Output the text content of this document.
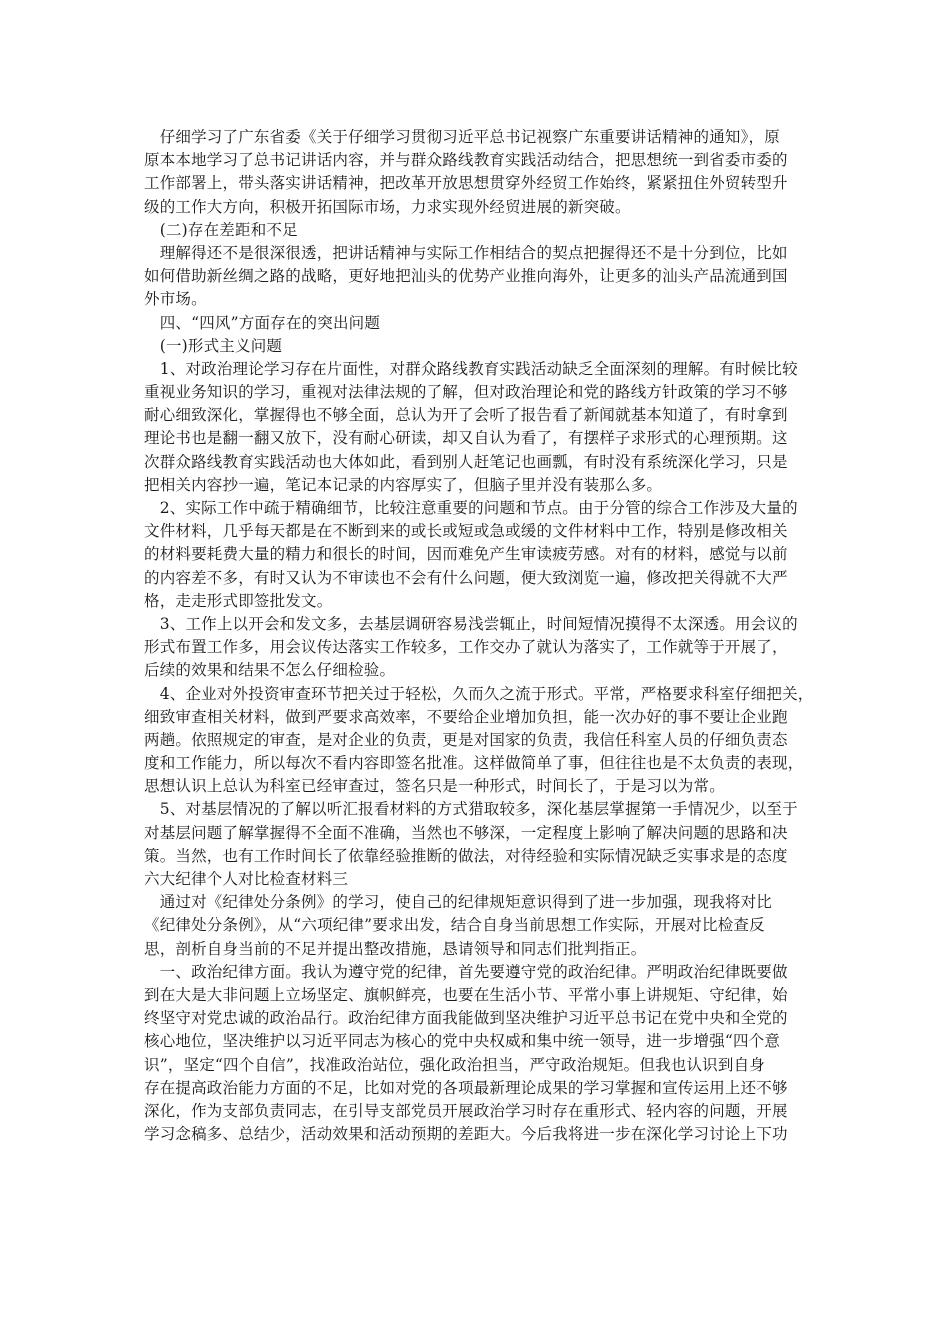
　仔细学习了广东省委《关于仔细学习贯彻习近平总书记视察广东重要讲话精神的通知》，原
原本本地学习了总书记讲话内容，并与群众路线教育实践活动结合，把思想统一到省委市委的
工作部署上，带头落实讲话精神，把改革开放思想贯穿外经贸工作始终，紧紧扭住外贸转型升
级的工作大方向，积极开拓国际市场，力求实现外经贸进展的新突破。
　(二)存在差距和不足
　理解得还不是很深很透，把讲话精神与实际工作相结合的契点把握得还不是十分到位，比如
如何借助新丝绸之路的战略，更好地把汕头的优势产业推向海外，让更多的汕头产品流通到国
外市场。
　四、“四风”方面存在的突出问题
　(一)形式主义问题
　1、对政治理论学习存在片面性，对群众路线教育实践活动缺乏全面深刻的理解。有时候比较
重视业务知识的学习，重视对法律法规的了解，但对政治理论和党的路线方针政策的学习不够
耐心细致深化，掌握得也不够全面，总认为开了会听了报告看了新闻就基本知道了，有时拿到
理论书也是翻一翻又放下，没有耐心研读，却又自认为看了，有摆样子求形式的心理预期。这
次群众路线教育实践活动也大体如此，看到别人赶笔记也画瓢，有时没有系统深化学习，只是
把相关内容抄一遍，笔记本记录的内容厚实了，但脑子里并没有装那么多。
　2、实际工作中疏于精确细节，比较注意重要的问题和节点。由于分管的综合工作涉及大量的
文件材料，几乎每天都是在不断到来的或长或短或急或缓的文件材料中工作，特别是修改相关
的材料要耗费大量的精力和很长的时间，因而难免产生审读疲劳感。对有的材料，感觉与以前
的内容差不多，有时又认为不审读也不会有什么问题，便大致浏览一遍，修改把关得就不大严
格，走走形式即签批发文。
　3、工作上以开会和发文多，去基层调研容易浅尝辄止，时间短情况摸得不太深透。用会议的
形式布置工作多，用会议传达落实工作较多，工作交办了就认为落实了，工作就等于开展了，
后续的效果和结果不怎么仔细检验。
　4、企业对外投资审查环节把关过于轻松，久而久之流于形式。平常，严格要求科室仔细把关，
细致审查相关材料，做到严要求高效率，不要给企业增加负担，能一次办好的事不要让企业跑
两趟。依照规定的审查，是对企业的负责，更是对国家的负责，我信任科室人员的仔细负责态
度和工作能力，所以每次不看内容即签名批准。这样做简单了事，但往往也是不太负责的表现，
思想认识上总认为科室已经审查过，签名只是一种形式，时间长了，于是习以为常。
　5、对基层情况的了解以听汇报看材料的方式猎取较多，深化基层掌握第一手情况少，以至于
对基层问题了解掌握得不全面不准确，当然也不够深，一定程度上影响了解决问题的思路和决
策。当然，也有工作时间长了依靠经验推断的做法，对待经验和实际情况缺乏实事求是的态度
六大纪律个人对比检查材料三
　通过对《纪律处分条例》的学习，使自己的纪律规矩意识得到了进一步加强，现我将对比
《纪律处分条例》，从“六项纪律”要求出发，结合自身当前思想工作实际，开展对比检查反
思，剖析自身当前的不足并提出整改措施，恳请领导和同志们批判指正。
　一、政治纪律方面。我认为遵守党的纪律，首先要遵守党的政治纪律。严明政治纪律既要做
到在大是大非问题上立场坚定、旗帜鲜亮，也要在生活小节、平常小事上讲规矩、守纪律，始
终坚守对党忠诚的政治品行。政治纪律方面我能做到坚决维护习近平总书记在党中央和全党的
核心地位，坚决维护以习近平同志为核心的党中央权威和集中统一领导，进一步增强“四个意
识”，坚定“四个自信”，找准政治站位，强化政治担当，严守政治规矩。但我也认识到自身
存在提高政治能力方面的不足，比如对党的各项最新理论成果的学习掌握和宣传运用上还不够
深化，作为支部负责同志，在引导支部党员开展政治学习时存在重形式、轻内容的问题，开展
学习念稿多、总结少，活动效果和活动预期的差距大。今后我将进一步在深化学习讨论上下功
